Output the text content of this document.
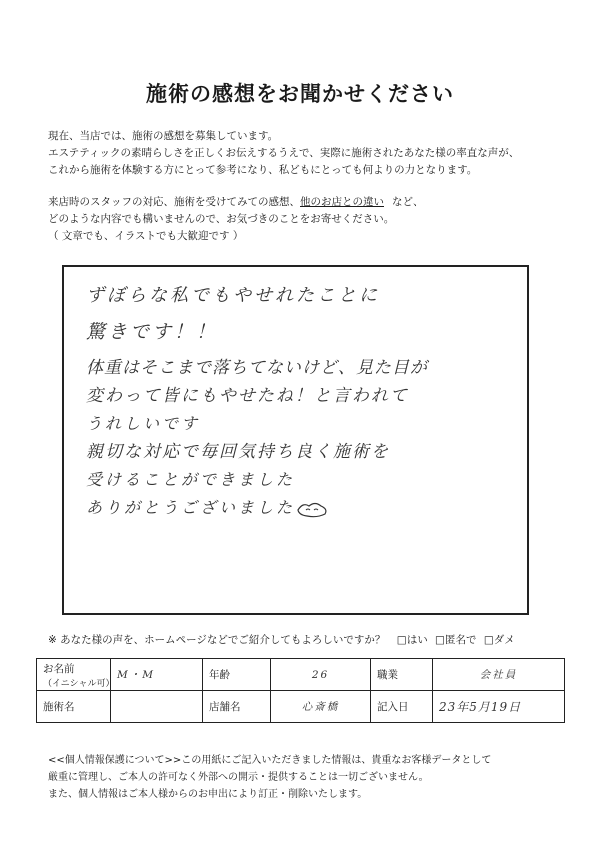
施術の感想をお聞かせください
現在、当店では、施術の感想を募集しています。
エステティックの素晴らしさを正しくお伝えするうえで、実際に施術されたあなた様の率直な声が、
これから施術を体験する方にとって参考になり、私どもにとっても何よりの力となります。
来店時のスタッフの対応、施術を受けてみての感想、他のお店との違い など、
どのような内容でも構いませんので、お気づきのことをお寄せください。
（ 文章でも、イラストでも大歓迎です ）
ずぼらな私でもやせれたことに
驚きです！！
体重はそこまで落ちてないけど、見た目が
変わって皆にもやせたね！と言われて
うれしいです
親切な対応で毎回気持ち良く施術を
受けることができました
ありがとうございました
※ あなた様の声を、ホームページなどでご紹介してもよろしいですか？ □はい □匿名で □ダメ
お名前
（イニシャル可）	M・M	年齢	26	職業	会社員
施術名		店舗名	心斎橋	記入日	23年5月19日
<<個人情報保護について>>この用紙にご記入いただきました情報は、貴重なお客様データとして
厳重に管理し、ご本人の許可なく外部への開示・提供することは一切ございません。
また、個人情報はご本人様からのお申出により訂正・削除いたします。
